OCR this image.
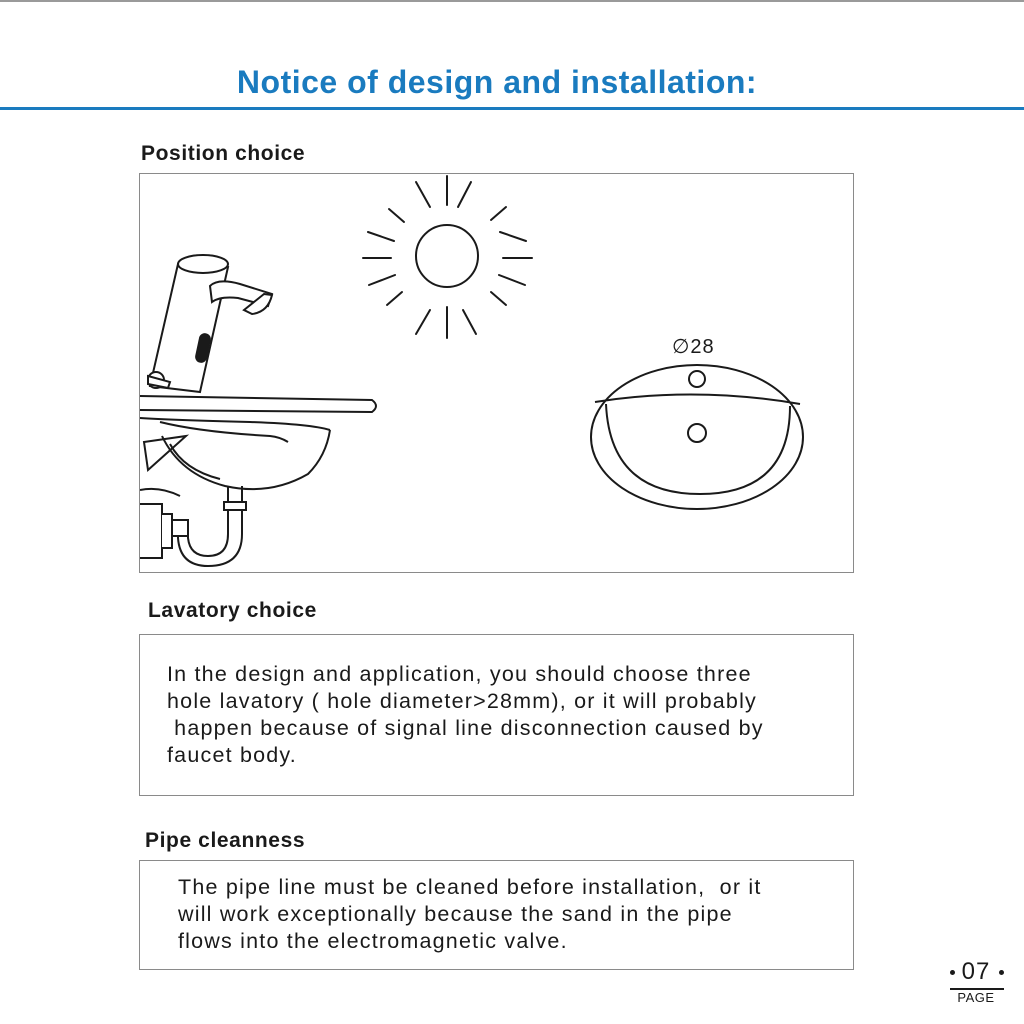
Notice of design and installation:
Position choice
∅28
Lavatory choice
In the design and application, you should choose three
hole lavatory ( hole diameter>28mm), or it will probably
happen because of signal line disconnection caused by
faucet body.
Pipe cleanness
The pipe line must be cleaned before installation,  or it
will work exceptionally because the sand in the pipe
flows into the electromagnetic valve.
07
PAGE
